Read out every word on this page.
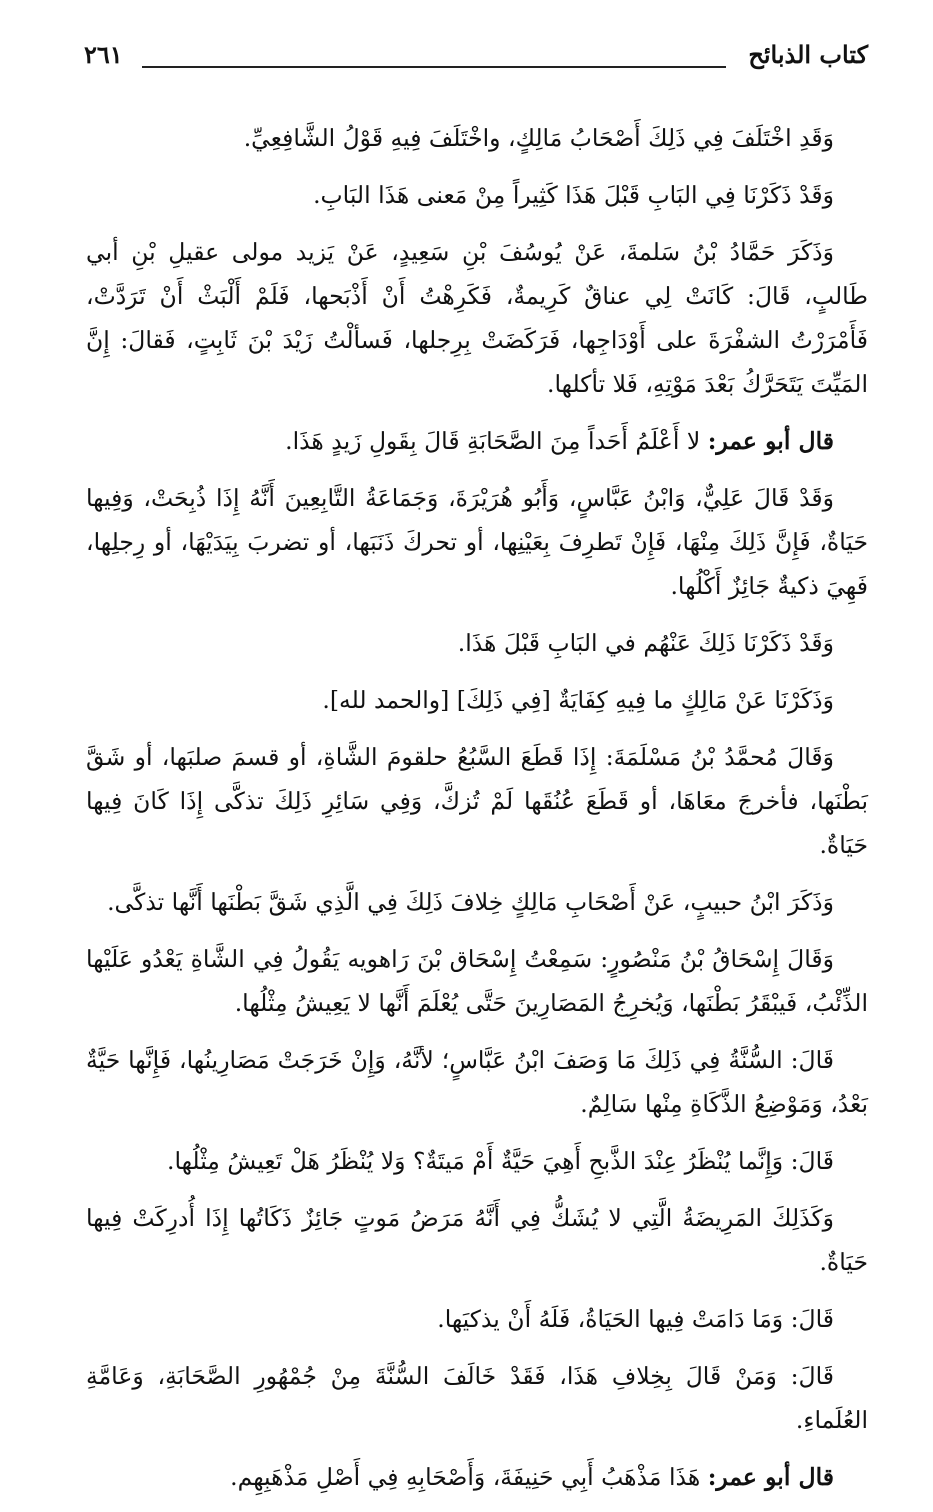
كتاب الذبائح
٢٦١

وَقَدِ اخْتَلَفَ فِي ذَلِكَ أَصْحَابُ مَالِكٍ، واخْتَلَفَ فِيهِ قَوْلُ الشَّافِعِيِّ.

وَقَدْ ذَكَرْنَا فِي البَابِ قَبْلَ هَذَا كَثِيراً مِنْ مَعنى هَذَا البَابِ.

وَذَكَرَ حَمَّادُ بْنُ سَلمةَ، عَنْ يُوسُفَ بْنِ سَعِيدٍ، عَنْ يَزيد مولى عقيلِ بْنِ أبي طَالبٍ، قَالَ: كَانَتْ لِي عناقٌ كَرِيمةٌ، فَكَرِهْتُ أَنْ أَذْبَحها، فَلَمْ أَلْبَثْ أَنْ تَرَدَّتْ، فَأَمْرَرْتُ الشفْرَةَ على أَوْدَاجِها، فَرَكَضَتْ بِرِجلها، فَسألْتُ زَيْدَ بْنَ ثَابِتٍ، فَقالَ: إِنَّ المَيِّتَ يَتَحَرَّكُ بَعْدَ مَوْتِهِ، فَلا تأكلها.

قال أبو عمر: لا أَعْلَمُ أَحَداً مِنَ الصَّحَابَةِ قَالَ بِقَولِ زَيدٍ هَذَا.

وَقَدْ قَالَ عَلِيٌّ، وَابْنُ عَبَّاسٍ، وَأَبُو هُرَيْرَةَ، وَجَمَاعَةُ التَّابِعِينَ أَنَّهُ إِذَا ذُبِحَتْ، وَفِيها حَيَاةٌ، فَإِنَّ ذَلِكَ مِنْهَا، فَإِنْ تَطرِفَ بِعَيْنِها، أو تحركَ ذَنَبَها، أو تضربَ بِيَدَيْهَا، أو رِجلِها، فَهِيَ ذكيةٌ جَائِزٌ أَكْلُها.

وَقَدْ ذَكَرْنَا ذَلِكَ عَنْهُم في البَابِ قَبْلَ هَذَا.

وَذَكَرْنَا عَنْ مَالِكٍ ما فِيهِ كِفَايَةٌ [فِي ذَلِكَ] [والحمد لله].

وَقَالَ مُحمَّدُ بْنُ مَسْلَمَةَ: إِذَا قَطَعَ السَّبُعُ حلقومَ الشَّاةِ، أو قسمَ صلبَها، أو شَقَّ بَطْنَها، فأخرجَ معَاهَا، أو قَطَعَ عُنُقَها لَمْ تُزكَّ، وَفِي سَائِرِ ذَلِكَ تذكَّى إِذَا كَانَ فِيها حَيَاةٌ.

وَذَكَرَ ابْنُ حبيبٍ، عَنْ أَصْحَابِ مَالِكٍ خِلافَ ذَلِكَ فِي الَّذِي شَقَّ بَطْنَها أَنَّها تذكَّى.

وَقَالَ إِسْحَاقُ بْنُ مَنْصُورٍ: سَمِعْتُ إِسْحَاق بْنَ رَاهويه يَقُولُ فِي الشَّاةِ يَعْدُو عَلَيْها الذِّئْبُ، فَيبْقَرُ بَطْنَها، وَيُخرِجُ المَصَارِينَ حَتَّى يُعْلَمَ أَنَّها لا يَعِيشُ مِثْلُها.

قَالَ: السُّنَّةُ فِي ذَلِكَ مَا وَصَفَ ابْنُ عَبَّاسٍ؛ لأنَّهُ، وَإِنْ خَرَجَتْ مَصَارِينُها، فَإِنَّها حَيَّةٌ بَعْدُ، وَمَوْضِعُ الذَّكَاةِ مِنْها سَالِمٌ.

قَالَ: وَإِنَّما يُنْظَرُ عِنْدَ الذَّبحِ أَهِيَ حَيَّةٌ أَمْ مَيتَةٌ؟ وَلا يُنْظَرُ هَلْ تَعِيشُ مِثْلُها.

وَكَذَلِكَ المَرِيضَةُ الَّتِي لا يُشَكُّ فِي أَنَّهُ مَرَضُ مَوتٍ جَائِزٌ ذَكَاتُها إِذَا أُدرِكَتْ فِيها حَيَاةٌ.

قَالَ: وَمَا دَامَتْ فِيها الحَيَاةُ، فَلَهُ أَنْ يذكيَها.

قَالَ: وَمَنْ قَالَ بِخِلافِ هَذَا، فَقَدْ خَالَفَ السُّنَّةَ مِنْ جُمْهُورِ الصَّحَابَةِ، وَعَامَّةِ العُلَماءِ.

قال أبو عمر: هَذَا مَذْهَبُ أَبِي حَنِيفَةَ، وَأَصْحَابِهِ فِي أَصْلِ مَذْهَبِهِم.
